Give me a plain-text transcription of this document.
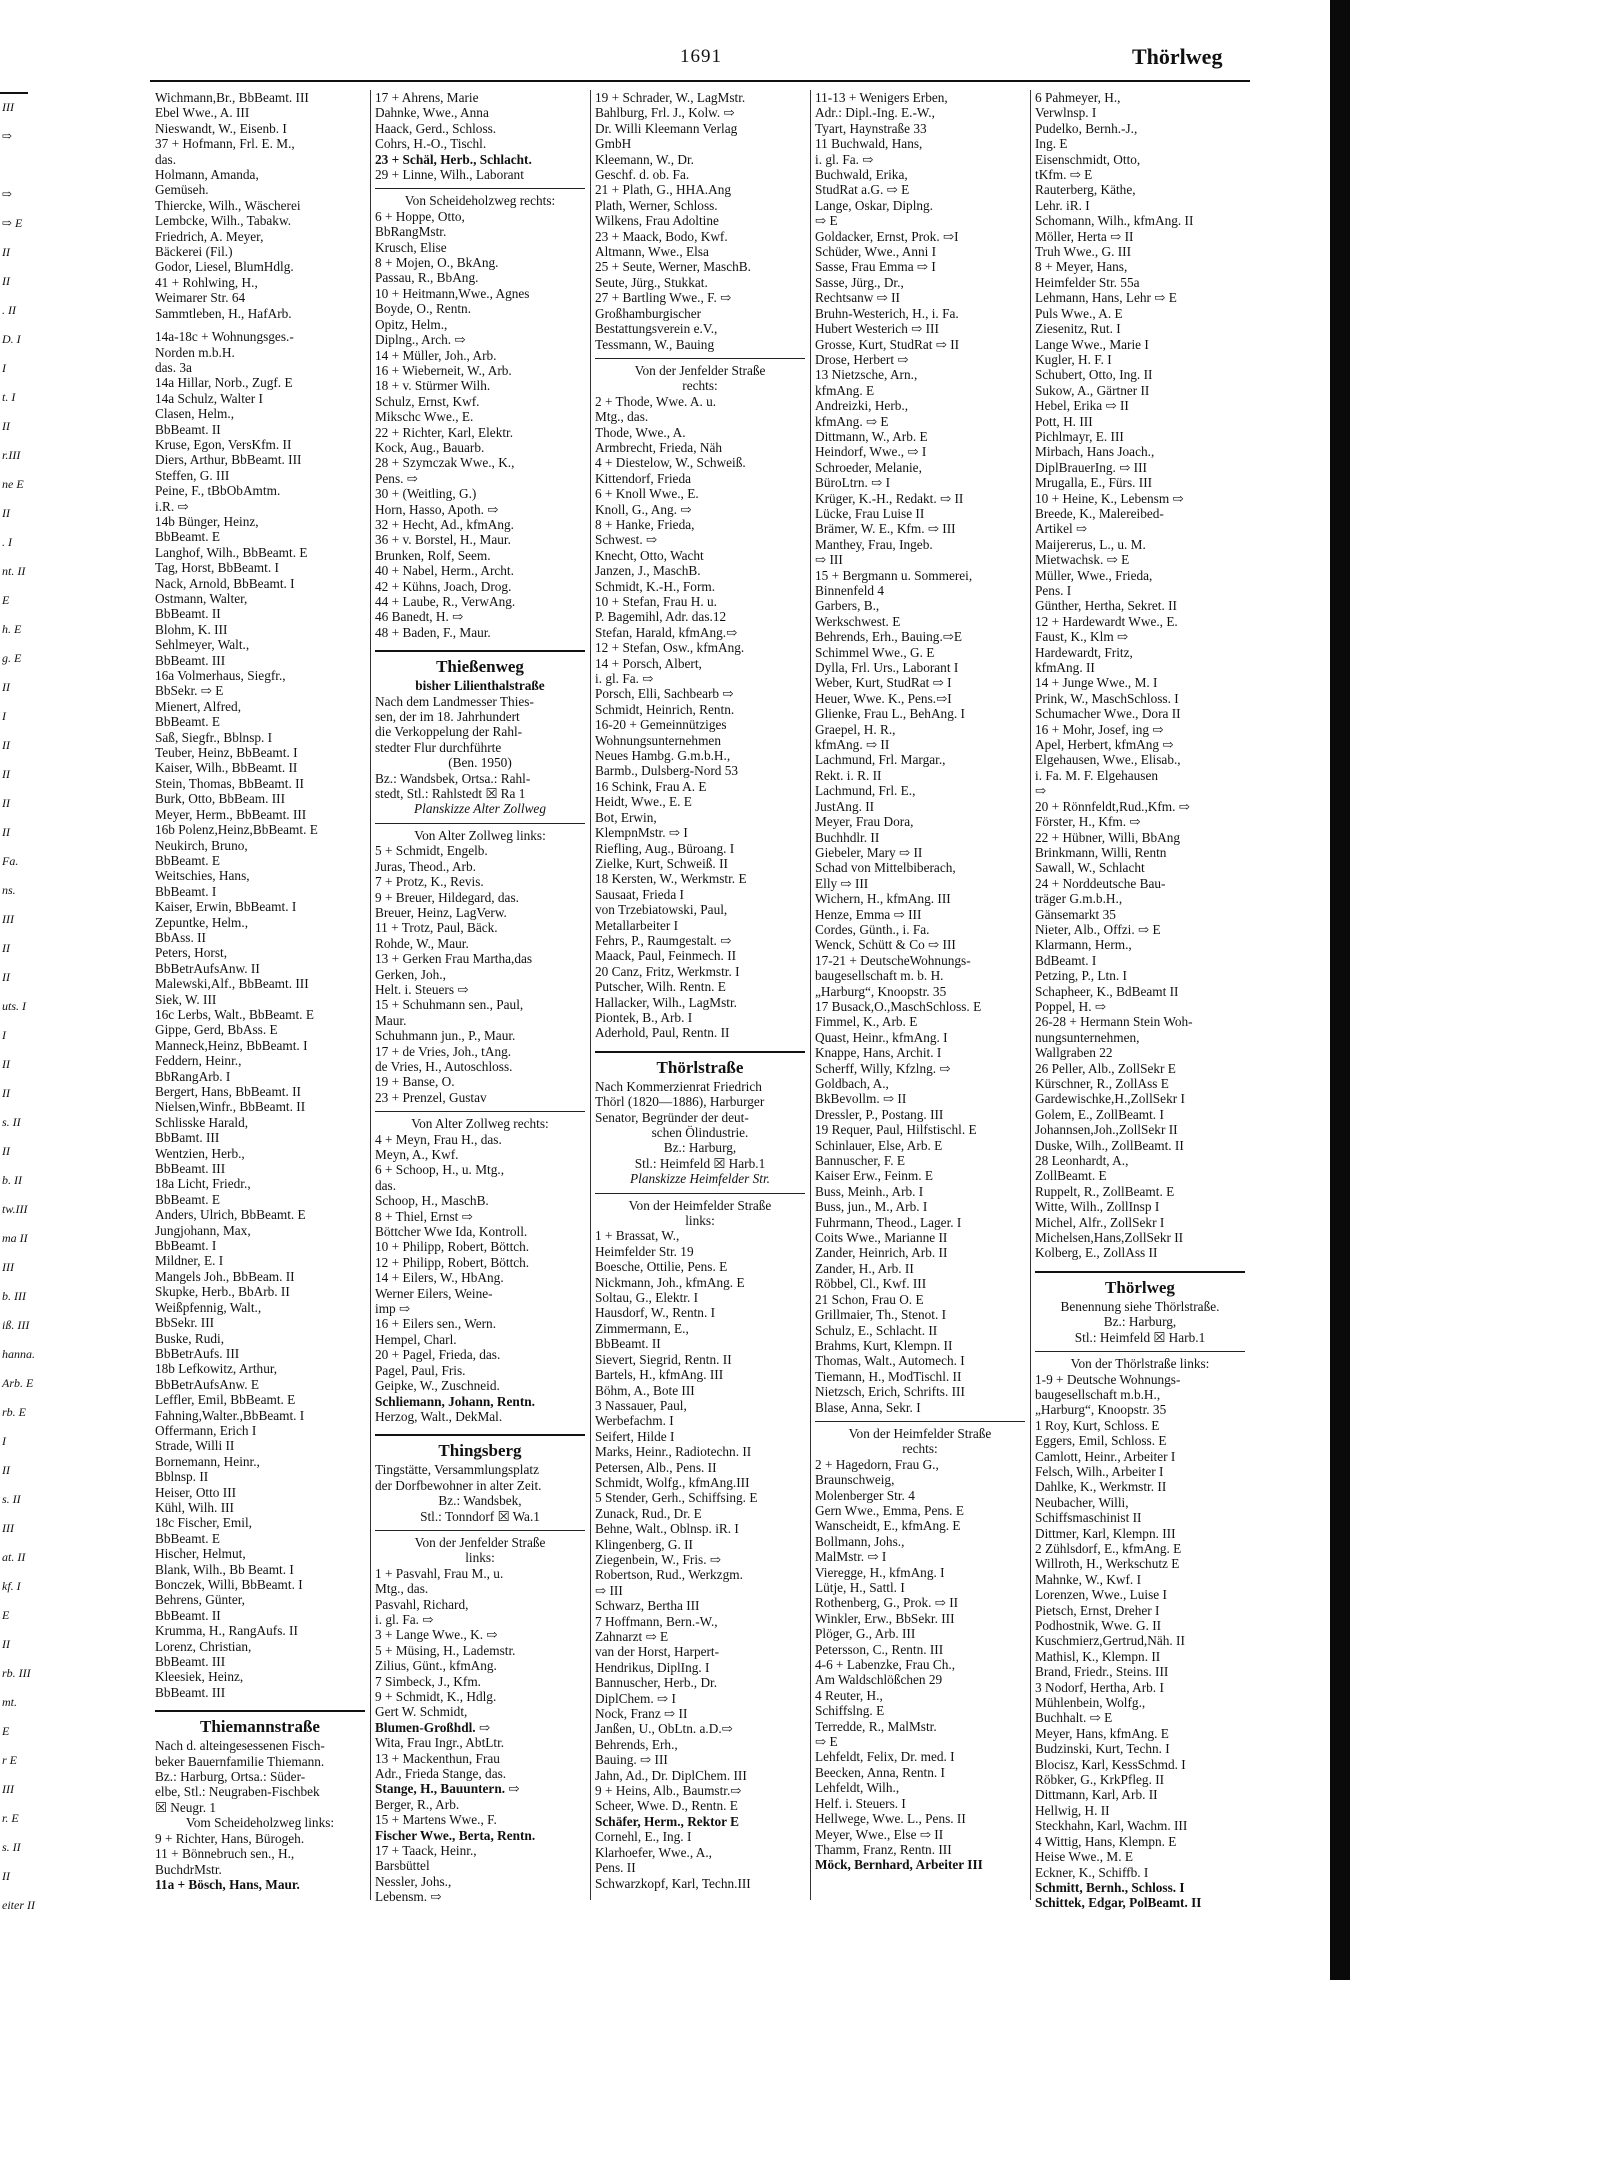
III
⇨
⇨
⇨ E
II
II
. II
D. I
I
t. I
II
r.III
ne E
II
. I
nt. II
E
h. E
g. E
II
I
II
II
II
II
Fa.
ns.
III
II
II
uts. I
I
II
II
s. II
II
b. II
tw.III
ma II
III
b. III
iß. III
hanna.
Arb. E
rb. E
I
II
s. II
III
at. II
kf. I
E
II
rb. III
mt.
E
r E
III
r. E
s. II
II
eiter II
1691	Thörlweg
Wichmann,Br., BbBeamt. III
Ebel Wwe., A. III
Nieswandt, W., Eisenb. I
37 + Hofmann, Frl. E. M.,
das.
Holmann, Amanda,
Gemüseh.
Thiercke, Wilh., Wäscherei
Lembcke, Wilh., Tabakw.
Friedrich, A. Meyer,
Bäckerei (Fil.)
Godor, Liesel, BlumHdlg.
41 + Rohlwing, H.,
Weimarer Str. 64
Sammtleben, H., HafArb.
14a-18c + Wohnungsges.-
Norden m.b.H.
das. 3a
14a Hillar, Norb., Zugf. E
14a Schulz, Walter I
Clasen, Helm.,
BbBeamt. II
Kruse, Egon, VersKfm. II
Diers, Arthur, BbBeamt. III
Steffen, G. III
Peine, F., tBbObAmtm.
i.R. ⇨
14b Bünger, Heinz,
BbBeamt. E
Langhof, Wilh., BbBeamt. E
Tag, Horst, BbBeamt. I
Nack, Arnold, BbBeamt. I
Ostmann, Walter,
BbBeamt. II
Blohm, K. III
Sehlmeyer, Walt.,
BbBeamt. III
16a Volmerhaus, Siegfr.,
BbSekr. ⇨ E
Mienert, Alfred,
BbBeamt. E
Saß, Siegfr., Bblnsp. I
Teuber, Heinz, BbBeamt. I
Kaiser, Wilh., BbBeamt. II
Stein, Thomas, BbBeamt. II
Burk, Otto, BbBeam. III
Meyer, Herm., BbBeamt. III
16b Polenz,Heinz,BbBeamt. E
Neukirch, Bruno,
BbBeamt. E
Weitschies, Hans,
BbBeamt. I
Kaiser, Erwin, BbBeamt. I
Zepuntke, Helm.,
BbAss. II
Peters, Horst,
BbBetrAufsAnw. II
Malewski,Alf., BbBeamt. III
Siek, W. III
16c Lerbs, Walt., BbBeamt. E
Gippe, Gerd, BbAss. E
Manneck,Heinz, BbBeamt. I
Feddern, Heinr.,
BbRangArb. I
Bergert, Hans, BbBeamt. II
Nielsen,Winfr., BbBeamt. II
Schlisske Harald,
BbBamt. III
Wentzien, Herb.,
BbBeamt. III
18a Licht, Friedr.,
BbBeamt. E
Anders, Ulrich, BbBeamt. E
Jungjohann, Max,
BbBeamt. I
Mildner, E. I
Mangels Joh., BbBeam. II
Skupke, Herb., BbArb. II
Weißpfennig, Walt.,
BbSekr. III
Buske, Rudi,
BbBetrAufs. III
18b Lefkowitz, Arthur,
BbBetrAufsAnw. E
Leffler, Emil, BbBeamt. E
Fahning,Walter.,BbBeamt. I
Offermann, Erich I
Strade, Willi II
Bornemann, Heinr.,
Bblnsp. II
Heiser, Otto III
Kühl, Wilh. III
18c Fischer, Emil,
BbBeamt. E
Hischer, Helmut,
Blank, Wilh., Bb Beamt. I
Bonczek, Willi, BbBeamt. I
Behrens, Günter,
BbBeamt. II
Krumma, H., RangAufs. II
Lorenz, Christian,
BbBeamt. III
Kleesiek, Heinz,
BbBeamt. III
Thiemannstraße
Nach d. alteingesessenen Fisch-
beker Bauernfamilie Thiemann.
Bz.: Harburg, Ortsa.: Süder-
elbe, Stl.: Neugraben-Fischbek
☒ Neugr. 1
Vom Scheideholzweg links:
9 + Richter, Hans, Bürogeh.
11 + Bönnebruch sen., H.,
BuchdrMstr.
11a + Bösch, Hans, Maur.
17 + Ahrens, Marie
Dahnke, Wwe., Anna
Haack, Gerd., Schloss.
Cohrs, H.-O., Tischl.
23 + Schäl, Herb., Schlacht.
29 + Linne, Wilh., Laborant
Von Scheideholzweg rechts:
6 + Hoppe, Otto,
BbRangMstr.
Krusch, Elise
8 + Mojen, O., BkAng.
Passau, R., BbAng.
10 + Heitmann,Wwe., Agnes
Boyde, O., Rentn.
Opitz, Helm.,
Diplng., Arch. ⇨
14 + Müller, Joh., Arb.
16 + Wieberneit, W., Arb.
18 + v. Stürmer Wilh.
Schulz, Ernst, Kwf.
Mikschc Wwe., E.
22 + Richter, Karl, Elektr.
Kock, Aug., Bauarb.
28 + Szymczak Wwe., K.,
Pens. ⇨
30 + (Weitling, G.)
Horn, Hasso, Apoth. ⇨
32 + Hecht, Ad., kfmAng.
36 + v. Borstel, H., Maur.
Brunken, Rolf, Seem.
40 + Nabel, Herm., Archt.
42 + Kühns, Joach, Drog.
44 + Laube, R., VerwAng.
46 Banedt, H. ⇨
48 + Baden, F., Maur.
Thießenweg
bisher Lilienthalstraße
Nach dem Landmesser Thies-
sen, der im 18. Jahrhundert
die Verkoppelung der Rahl-
stedter Flur durchführte
(Ben. 1950)
Bz.: Wandsbek, Ortsa.: Rahl-
stedt, Stl.: Rahlstedt ☒ Ra 1
Planskizze Alter Zollweg
Von Alter Zollweg links:
5 + Schmidt, Engelb.
Juras, Theod., Arb.
7 + Protz, K., Revis.
9 + Breuer, Hildegard, das.
Breuer, Heinz, LagVerw.
11 + Trotz, Paul, Bäck.
Rohde, W., Maur.
13 + Gerken Frau Martha,das
Gerken, Joh.,
Helt. i. Steuers ⇨
15 + Schuhmann sen., Paul,
Maur.
Schuhmann jun., P., Maur.
17 + de Vries, Joh., tAng.
de Vries, H., Autoschloss.
19 + Banse, O.
23 + Prenzel, Gustav
Von Alter Zollweg rechts:
4 + Meyn, Frau H., das.
Meyn, A., Kwf.
6 + Schoop, H., u. Mtg.,
das.
Schoop, H., MaschB.
8 + Thiel, Ernst ⇨
Böttcher Wwe Ida, Kontroll.
10 + Philipp, Robert, Böttch.
12 + Philipp, Robert, Böttch.
14 + Eilers, W., HbAng.
Werner Eilers, Weine-
imp ⇨
16 + Eilers sen., Wern.
Hempel, Charl.
20 + Pagel, Frieda, das.
Pagel, Paul, Fris.
Geipke, W., Zuschneid.
Schliemann, Johann, Rentn.
Herzog, Walt., DekMal.
Thingsberg
Tingstätte, Versammlungsplatz
der Dorfbewohner in alter Zeit.
Bz.: Wandsbek,
Stl.: Tonndorf ☒ Wa.1
Von der Jenfelder Straße
links:
1 + Pasvahl, Frau M., u.
Mtg., das.
Pasvahl, Richard,
i. gl. Fa. ⇨
3 + Lange Wwe., K. ⇨
5 + Müsing, H., Lademstr.
Zilius, Günt., kfmAng.
7 Simbeck, J., Kfm.
9 + Schmidt, K., Hdlg.
Gert W. Schmidt,
Blumen-Großhdl. ⇨
Wita, Frau Ingr., AbtLtr.
13 + Mackenthun, Frau
Adr., Frieda Stange, das.
Stange, H., Bauuntern. ⇨
Berger, R., Arb.
15 + Martens Wwe., F.
Fischer Wwe., Berta, Rentn.
17 + Taack, Heinr.,
Barsbüttel
Nessler, Johs.,
Lebensm. ⇨
19 + Schrader, W., LagMstr.
Bahlburg, Frl. J., Kolw. ⇨
Dr. Willi Kleemann Verlag
GmbH
Kleemann, W., Dr.
Geschf. d. ob. Fa.
21 + Plath, G., HHA.Ang
Plath, Werner, Schloss.
Wilkens, Frau Adoltine
23 + Maack, Bodo, Kwf.
Altmann, Wwe., Elsa
25 + Seute, Werner, MaschB.
Seute, Jürg., Stukkat.
27 + Bartling Wwe., F. ⇨
Großhamburgischer
Bestattungsverein e.V.,
Tessmann, W., Bauing
Von der Jenfelder Straße
rechts:
2 + Thode, Wwe. A. u.
Mtg., das.
Thode, Wwe., A.
Armbrecht, Frieda, Näh
4 + Diestelow, W., Schweiß.
Kittendorf, Frieda
6 + Knoll Wwe., E.
Knoll, G., Ang. ⇨
8 + Hanke, Frieda,
Schwest. ⇨
Knecht, Otto, Wacht
Janzen, J., MaschB.
Schmidt, K.-H., Form.
10 + Stefan, Frau H. u.
P. Bagemihl, Adr. das.12
Stefan, Harald, kfmAng.⇨
12 + Stefan, Osw., kfmAng.
14 + Porsch, Albert,
i. gl. Fa. ⇨
Porsch, Elli, Sachbearb ⇨
Schmidt, Heinrich, Rentn.
16-20 + Gemeinnütziges
Wohnungsunternehmen
Neues Hambg. G.m.b.H.,
Barmb., Dulsberg-Nord 53
16 Schink, Frau A. E
Heidt, Wwe., E. E
Bot, Erwin,
KlempnMstr. ⇨ I
Riefling, Aug., Büroang. I
Zielke, Kurt, Schweiß. II
18 Kersten, W., Werkmstr. E
Sausaat, Frieda I
von Trzebiatowski, Paul,
Metallarbeiter I
Fehrs, P., Raumgestalt. ⇨
Maack, Paul, Feinmech. II
20 Canz, Fritz, Werkmstr. I
Putscher, Wilh. Rentn. E
Hallacker, Wilh., LagMstr.
Piontek, B., Arb. I
Aderhold, Paul, Rentn. II
Thörlstraße
Nach Kommerzienrat Friedrich
Thörl (1820—1886), Harburger
Senator, Begründer der deut-
schen Ölindustrie.
Bz.: Harburg,
Stl.: Heimfeld ☒ Harb.1
Planskizze Heimfelder Str.
Von der Heimfelder Straße
links:
1 + Brassat, W.,
Heimfelder Str. 19
Boesche, Ottilie, Pens. E
Nickmann, Joh., kfmAng. E
Soltau, G., Elektr. I
Hausdorf, W., Rentn. I
Zimmermann, E.,
BbBeamt. II
Sievert, Siegrid, Rentn. II
Bartels, H., kfmAng. III
Böhm, A., Bote III
3 Nassauer, Paul,
Werbefachm. I
Seifert, Hilde I
Marks, Heinr., Radiotechn. II
Petersen, Alb., Pens. II
Schmidt, Wolfg., kfmAng.III
5 Stender, Gerh., Schiffsing. E
Zunack, Rud., Dr. E
Behne, Walt., Oblnsp. iR. I
Klingenberg, G. II
Ziegenbein, W., Fris. ⇨
Robertson, Rud., Werkzgm.
⇨ III
Schwarz, Bertha III
7 Hoffmann, Bern.-W.,
Zahnarzt ⇨ E
van der Horst, Harpert-
Hendrikus, DiplIng. I
Bannuscher, Herb., Dr.
DiplChem. ⇨ I
Nock, Franz ⇨ II
Janßen, U., ObLtn. a.D.⇨
Behrends, Erh.,
Bauing. ⇨ III
Jahn, Ad., Dr. DiplChem. III
9 + Heins, Alb., Baumstr.⇨
Scheer, Wwe. D., Rentn. E
Schäfer, Herm., Rektor E
Cornehl, E., Ing. I
Klarhoefer, Wwe., A.,
Pens. II
Schwarzkopf, Karl, Techn.III
11-13 + Wenigers Erben,
Adr.: Dipl.-Ing. E.-W.,
Tyart, Haynstraße 33
11 Buchwald, Hans,
i. gl. Fa. ⇨
Buchwald, Erika,
StudRat a.G. ⇨ E
Lange, Oskar, Diplng.
⇨ E
Goldacker, Ernst, Prok. ⇨I
Schüder, Wwe., Anni I
Sasse, Frau Emma ⇨ I
Sasse, Jürg., Dr.,
Rechtsanw ⇨ II
Bruhn-Westerich, H., i. Fa.
Hubert Westerich ⇨ III
Grosse, Kurt, StudRat ⇨ II
Drose, Herbert ⇨
13 Nietzsche, Arn.,
kfmAng. E
Andreizki, Herb.,
kfmAng. ⇨ E
Dittmann, W., Arb. E
Heindorf, Wwe., ⇨ I
Schroeder, Melanie,
BüroLtrn. ⇨ I
Krüger, K.-H., Redakt. ⇨ II
Lücke, Frau Luise II
Brämer, W. E., Kfm. ⇨ III
Manthey, Frau, Ingeb.
⇨ III
15 + Bergmann u. Sommerei,
Binnenfeld 4
Garbers, B.,
Werkschwest. E
Behrends, Erh., Bauing.⇨E
Schimmel Wwe., G. E
Dylla, Frl. Urs., Laborant I
Weber, Kurt, StudRat ⇨ I
Heuer, Wwe. K., Pens.⇨I
Glienke, Frau L., BehAng. I
Graepel, H. R.,
kfmAng. ⇨ II
Lachmund, Frl. Margar.,
Rekt. i. R. II
Lachmund, Frl. E.,
JustAng. II
Meyer, Frau Dora,
Buchhdlr. II
Giebeler, Mary ⇨ II
Schad von Mittelbiberach,
Elly ⇨ III
Wichern, H., kfmAng. III
Henze, Emma ⇨ III
Cordes, Günth., i. Fa.
Wenck, Schütt & Co ⇨ III
17-21 + DeutscheWohnungs-
baugesellschaft m. b. H.
„Harburg“, Knoopstr. 35
17 Busack,O.,MaschSchloss. E
Fimmel, K., Arb. E
Quast, Heinr., kfmAng. I
Knappe, Hans, Archit. I
Scherff, Willy, Kfzlng. ⇨
Goldbach, A.,
BkBevollm. ⇨ II
Dressler, P., Postang. III
19 Requer, Paul, Hilfstischl. E
Schinlauer, Else, Arb. E
Bannuscher, F. E
Kaiser Erw., Feinm. E
Buss, Meinh., Arb. I
Buss, jun., M., Arb. I
Fuhrmann, Theod., Lager. I
Coits Wwe., Marianne II
Zander, Heinrich, Arb. II
Zander, H., Arb. II
Röbbel, Cl., Kwf. III
21 Schon, Frau O. E
Grillmaier, Th., Stenot. I
Schulz, E., Schlacht. II
Brahms, Kurt, Klempn. II
Thomas, Walt., Automech. I
Tiemann, H., ModTischl. II
Nietzsch, Erich, Schrifts. III
Blase, Anna, Sekr. I
Von der Heimfelder Straße
rechts:
2 + Hagedorn, Frau G.,
Braunschweig,
Molenberger Str. 4
Gern Wwe., Emma, Pens. E
Wanscheidt, E., kfmAng. E
Bollmann, Johs.,
MalMstr. ⇨ I
Vieregge, H., kfmAng. I
Lütje, H., Sattl. I
Rothenberg, G., Prok. ⇨ II
Winkler, Erw., BbSekr. III
Plöger, G., Arb. III
Petersson, C., Rentn. III
4-6 + Labenzke, Frau Ch.,
Am Waldschlößchen 29
4 Reuter, H.,
Schiffslng. E
Terredde, R., MalMstr.
⇨ E
Lehfeldt, Felix, Dr. med. I
Beecken, Anna, Rentn. I
Lehfeldt, Wilh.,
Helf. i. Steuers. I
Hellwege, Wwe. L., Pens. II
Meyer, Wwe., Else ⇨ II
Thamm, Franz, Rentn. III
Möck, Bernhard, Arbeiter III
6 Pahmeyer, H.,
Verwlnsp. I
Pudelko, Bernh.-J.,
Ing. E
Eisenschmidt, Otto,
tKfm. ⇨ E
Rauterberg, Käthe,
Lehr. iR. I
Schomann, Wilh., kfmAng. II
Möller, Herta ⇨ II
Truh Wwe., G. III
8 + Meyer, Hans,
Heimfelder Str. 55a
Lehmann, Hans, Lehr ⇨ E
Puls Wwe., A. E
Ziesenitz, Rut. I
Lange Wwe., Marie I
Kugler, H. F. I
Schubert, Otto, Ing. II
Sukow, A., Gärtner II
Hebel, Erika ⇨ II
Pott, H. III
Pichlmayr, E. III
Mirbach, Hans Joach.,
DiplBrauerIng. ⇨ III
Mrugalla, E., Fürs. III
10 + Heine, K., Lebensm ⇨
Breede, K., Malereibed-
Artikel ⇨
Maijererus, L., u. M.
Mietwachsk. ⇨ E
Müller, Wwe., Frieda,
Pens. I
Günther, Hertha, Sekret. II
12 + Hardewardt Wwe., E.
Faust, K., Klm ⇨
Hardewardt, Fritz,
kfmAng. II
14 + Junge Wwe., M. I
Prink, W., MaschSchloss. I
Schumacher Wwe., Dora II
16 + Mohr, Josef, ing ⇨
Apel, Herbert, kfmAng ⇨
Elgehausen, Wwe., Elisab.,
i. Fa. M. F. Elgehausen
⇨
20 + Rönnfeldt,Rud.,Kfm. ⇨
Förster, H., Kfm. ⇨
22 + Hübner, Willi, BbAng
Brinkmann, Willi, Rentn
Sawall, W., Schlacht
24 + Norddeutsche Bau-
träger G.m.b.H.,
Gänsemarkt 35
Nieter, Alb., Offzi. ⇨ E
Klarmann, Herm.,
BdBeamt. I
Petzing, P., Ltn. I
Schapheer, K., BdBeamt II
Poppel, H. ⇨
26-28 + Hermann Stein Woh-
nungsunternehmen,
Wallgraben 22
26 Peller, Alb., ZollSekr E
Kürschner, R., ZollAss E
Gardewischke,H.,ZollSekr I
Golem, E., ZollBeamt. I
Johannsen,Joh.,ZollSekr II
Duske, Wilh., ZollBeamt. II
28 Leonhardt, A.,
ZollBeamt. E
Ruppelt, R., ZollBeamt. E
Witte, Wilh., ZollInsp I
Michel, Alfr., ZollSekr I
Michelsen,Hans,ZollSekr II
Kolberg, E., ZollAss II
Thörlweg
Benennung siehe Thörlstraße.
Bz.: Harburg,
Stl.: Heimfeld ☒ Harb.1
Von der Thörlstraße links:
1-9 + Deutsche Wohnungs-
baugesellschaft m.b.H.,
„Harburg“, Knoopstr. 35
1 Roy, Kurt, Schloss. E
Eggers, Emil, Schloss. E
Camlott, Heinr., Arbeiter I
Felsch, Wilh., Arbeiter I
Dahlke, K., Werkmstr. II
Neubacher, Willi,
Schiffsmaschinist II
Dittmer, Karl, Klempn. III
2 Zühlsdorf, E., kfmAng. E
Willroth, H., Werkschutz E
Mahnke, W., Kwf. I
Lorenzen, Wwe., Luise I
Pietsch, Ernst, Dreher I
Podhostnik, Wwe. G. II
Kuschmierz,Gertrud,Näh. II
Mathisl, K., Klempn. II
Brand, Friedr., Steins. III
3 Nodorf, Hertha, Arb. I
Mühlenbein, Wolfg.,
Buchhalt. ⇨ E
Meyer, Hans, kfmAng. E
Budzinski, Kurt, Techn. I
Blocisz, Karl, KessSchmd. I
Röbker, G., KrkPfleg. II
Dittmann, Karl, Arb. II
Hellwig, H. II
Steckhahn, Karl, Wachm. III
4 Wittig, Hans, Klempn. E
Heise Wwe., M. E
Eckner, K., Schiffb. I
Schmitt, Bernh., Schloss. I
Schittek, Edgar, PolBeamt. II
